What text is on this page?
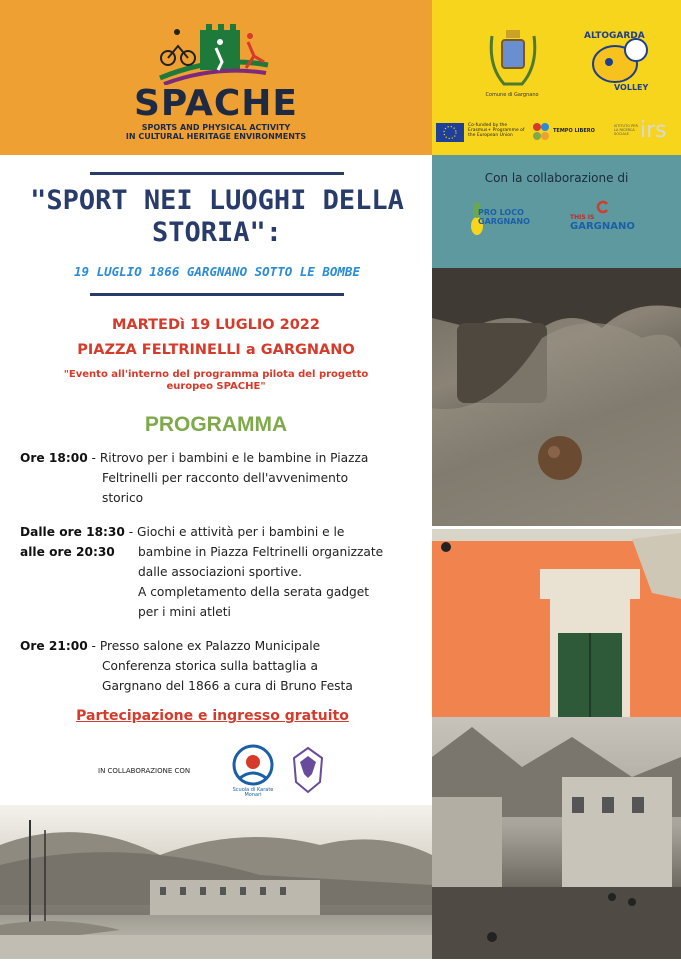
SPACHE
SPORTS AND PHYSICAL ACTIVITY
IN CULTURAL HERITAGE ENVIRONMENTS
Comune di Gargnano
ALTOGARDA
VOLLEY
Co-funded by the Erasmus+ Programme of the European Union
TEMPO LIBERO
ISTITUTO PER LA RICERCA SOCIALE irs
Con la collaborazione di
PRO LOCO
GARGNANO	THIS IS
GARGNANO
"SPORT NEI LUOGHI DELLA
STORIA":
19 LUGLIO 1866 GARGNANO SOTTO LE BOMBE
MARTEDì 19 LUGLIO 2022
PIAZZA FELTRINELLI a GARGNANO
"Evento all'interno del programma pilota del progetto
europeo SPACHE"
PROGRAMMA
Ore 18:00 - Ritrovo per i bambini e le bambine in Piazza
Feltrinelli per racconto dell'avvenimento
storico
Dalle ore 18:30 - Giochi e attività per i bambini e le
alle ore 20:30 bambine in Piazza Feltrinelli organizzate
dalle associazioni sportive.
A completamento della serata gadget
per i mini atleti
Ore 21:00 - Presso salone ex Palazzo Municipale
Conferenza storica sulla battaglia a
Gargnano del 1866 a cura di Bruno Festa
Partecipazione e ingresso gratuito
IN COLLABORAZIONE CON
Scuola di Karate
Monari
